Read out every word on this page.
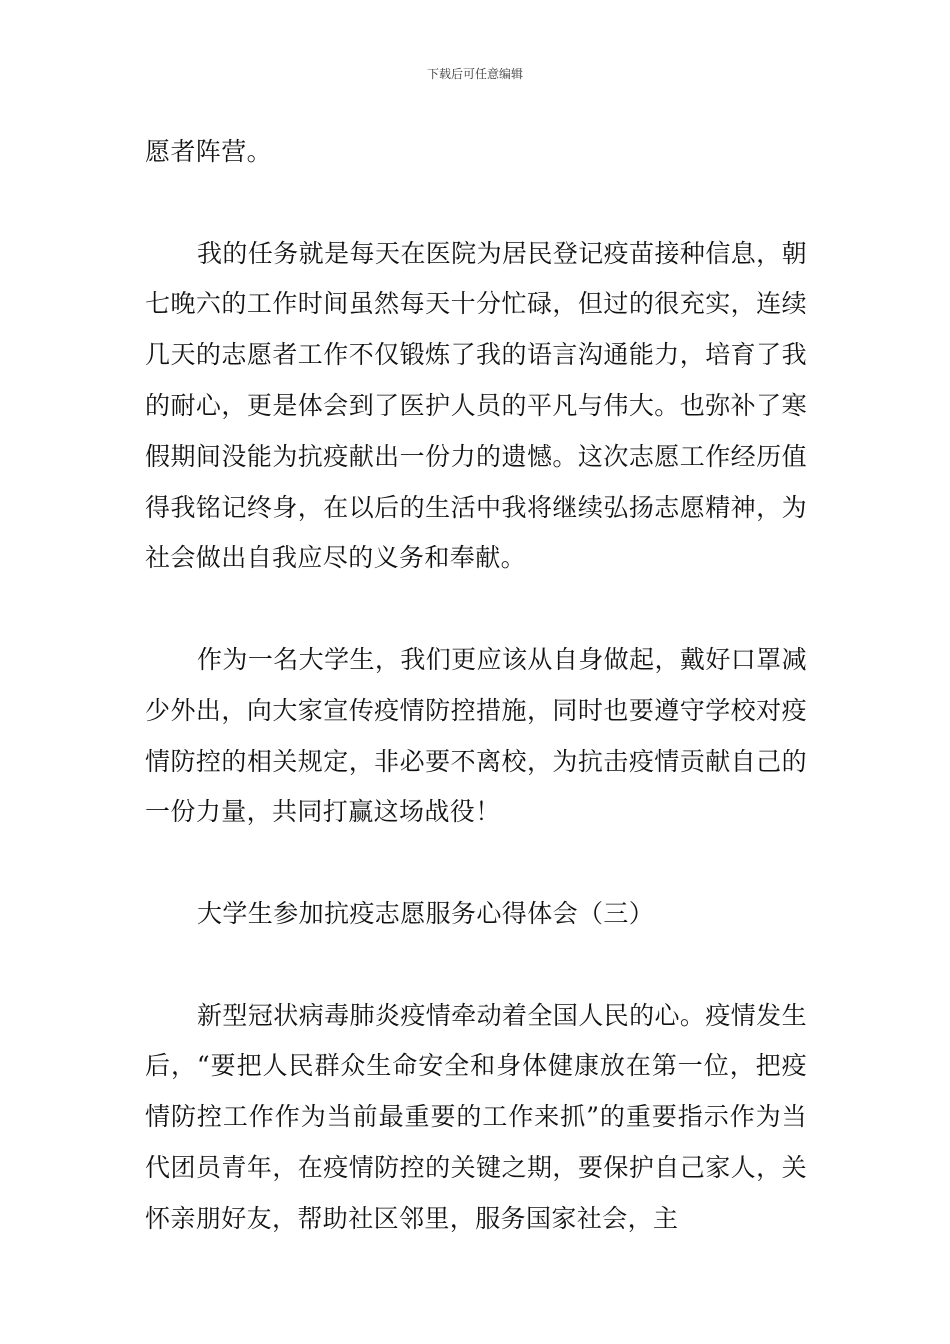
下载后可任意编辑

愿者阵营。

我的任务就是每天在医院为居民登记疫苗接种信息，朝七晚六的工作时间虽然每天十分忙碌，但过的很充实，连续几天的志愿者工作不仅锻炼了我的语言沟通能力，培育了我的耐心，更是体会到了医护人员的平凡与伟大。也弥补了寒假期间没能为抗疫献出一份力的遗憾。这次志愿工作经历值得我铭记终身，在以后的生活中我将继续弘扬志愿精神，为社会做出自我应尽的义务和奉献。

作为一名大学生，我们更应该从自身做起，戴好口罩减少外出，向大家宣传疫情防控措施，同时也要遵守学校对疫情防控的相关规定，非必要不离校，为抗击疫情贡献自己的一份力量，共同打赢这场战役！

大学生参加抗疫志愿服务心得体会（三）

新型冠状病毒肺炎疫情牵动着全国人民的心。疫情发生后，“要把人民群众生命安全和身体健康放在第一位，把疫情防控工作作为当前最重要的工作来抓”的重要指示作为当代团员青年，在疫情防控的关键之期，要保护自己家人，关怀亲朋好友，帮助社区邻里，服务国家社会，主
